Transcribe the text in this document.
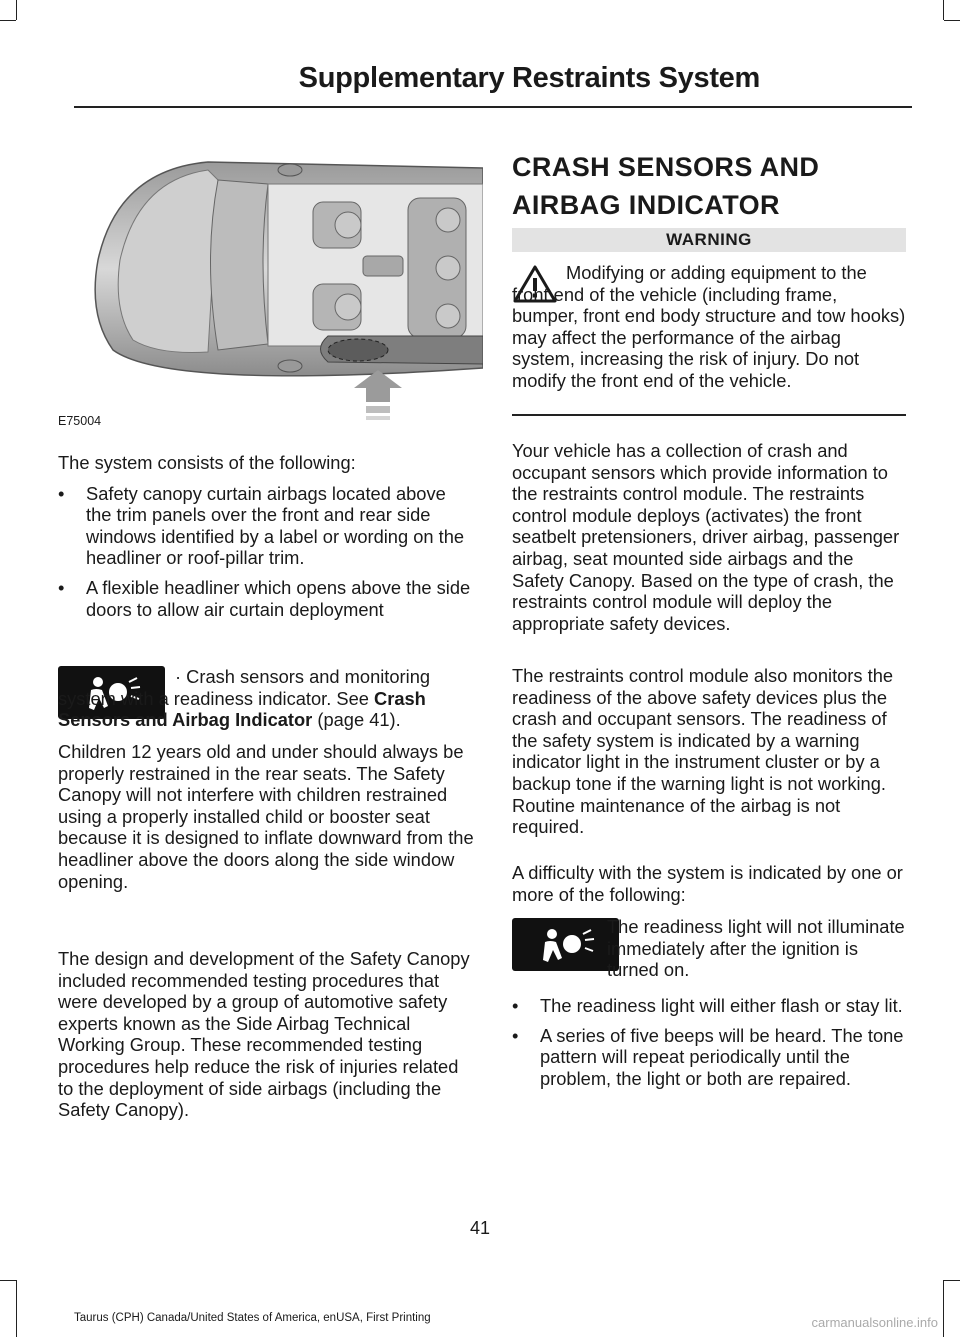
Supplementary Restraints System
E75004

The system consists of the following:

• Safety canopy curtain airbags located above the trim panels over the front and rear side windows identified by a label or wording on the headliner or roof-pillar trim.
• A flexible headliner which opens above the side doors to allow air curtain deployment

· Crash sensors and monitoring system with a readiness indicator. See Crash Sensors and Airbag Indicator (page 41).

Children 12 years old and under should always be properly restrained in the rear seats. The Safety Canopy will not interfere with children restrained using a properly installed child or booster seat because it is designed to inflate downward from the headliner above the doors along the side window opening.

The design and development of the Safety Canopy included recommended testing procedures that were developed by a group of automotive safety experts known as the Side Airbag Technical Working Group. These recommended testing procedures help reduce the risk of injuries related to the deployment of side airbags (including the Safety Canopy).

CRASH SENSORS AND
AIRBAG INDICATOR
WARNING

Modifying or adding equipment to the front end of the vehicle (including frame, bumper, front end body structure and tow hooks) may affect the performance of the airbag system, increasing the risk of injury. Do not modify the front end of the vehicle.

Your vehicle has a collection of crash and occupant sensors which provide information to the restraints control module. The restraints control module deploys (activates) the front seatbelt pretensioners, driver airbag, passenger airbag, seat mounted side airbags and the Safety Canopy. Based on the type of crash, the restraints control module will deploy the appropriate safety devices.

The restraints control module also monitors the readiness of the above safety devices plus the crash and occupant sensors. The readiness of the safety system is indicated by a warning indicator light in the instrument cluster or by a backup tone if the warning light is not working. Routine maintenance of the airbag is not required.

A difficulty with the system is indicated by one or more of the following:

The readiness light will not illuminate immediately after the ignition is turned on.

• The readiness light will either flash or stay lit.
• A series of five beeps will be heard. The tone pattern will repeat periodically until the problem, the light or both are repaired.
41
Taurus (CPH) Canada/United States of America, enUSA, First Printing	carmanualsonline.info
